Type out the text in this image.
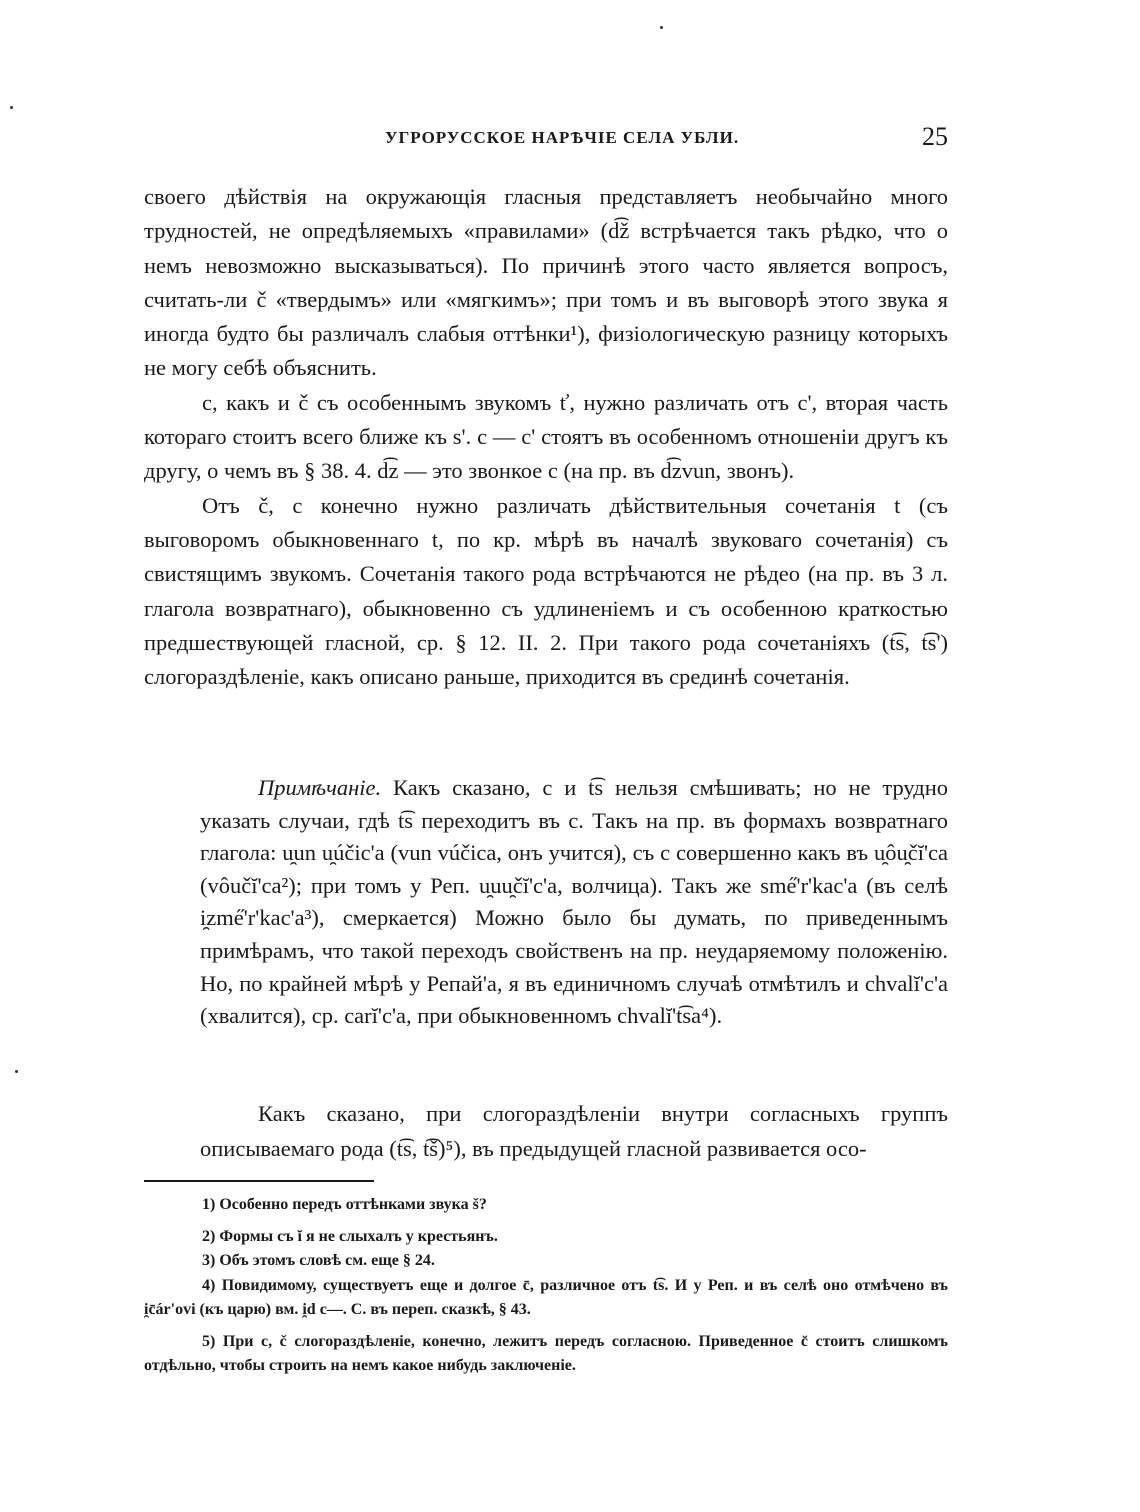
УГРОРУССКОЕ НАРѢЧІЕ СЕЛА УБЛИ.	25

своего дѣйствія на окружающія гласныя представляетъ необычайно много трудностей, не опредѣляемыхъ «правилами» (d͡ž встрѣчается такъ рѣдко, что о немъ невозможно высказываться). По причинѣ этого часто является вопросъ, считать-ли č «твердымъ» или «мягкимъ»; при томъ и въ выговорѣ этого звука я иногда будто бы различалъ слабыя оттѣнки¹), физіологическую разницу которыхъ не могу себѣ объяснить.

c, какъ и č съ особеннымъ звукомъ ť, нужно различать отъ c', вторая часть котораго стоитъ всего ближе къ s'. c — c' стоятъ въ особенномъ отношеніи другъ къ другу, о чемъ въ § 38. 4. d͡z — это звонкое c (на пр. въ d͡zvun, звонъ).

Отъ č, c конечно нужно различать дѣйствительныя сочетанія t (съ выговоромъ обыкновеннаго t, по кр. мѣрѣ въ началѣ звуковаго сочетанія) съ свистящимъ звукомъ. Сочетанія такого рода встрѣчаются не рѣдео (на пр. въ 3 л. глагола возвратнаго), обыкновенно съ удлиненіемъ и съ особенною краткостью предшествующей гласной, ср. § 12. II. 2. При такого рода сочетаніяхъ (t͡s, t͡s') слогораздѣленіе, какъ описано раньше, приходится въ срединѣ сочетанія.

Примѣчаніе. Какъ сказано, c и t͡s нельзя смѣшивать; но не трудно указать случаи, гдѣ t͡s переходитъ въ c. Такъ на пр. въ формахъ возвратнаго глагола: u̯un u̯účic'a (vun vúčica, онъ учится), съ c совершенно какъ въ u̯ôu̯čĭ'ca (vôučĭ'ca²); при томъ у Реп. u̯uu̯čĭ'c'a, волчица). Такъ же sme̋'r'kac'a (въ селѣ i̯zme̋'r'kac'a³), смеркается) Можно было бы думать, по приведеннымъ примѣрамъ, что такой переходъ свойственъ на пр. неударяемому положенію. Но, по крайней мѣрѣ у Репай'а, я въ единичномъ случаѣ отмѣтилъ и chvalĭ'c'a (хвалится), ср. carĭ'c'a, при обыкновенномъ chvalĭ't͡sa⁴).

Какъ сказано, при слогораздѣленіи внутри согласныхъ группъ описываемаго рода (t͡s, t͡š)⁵), въ предыдущей гласной развивается осо-

1) Особенно передъ оттѣнками звука š?

2) Формы съ ĭ я не слыхалъ у крестьянъ.

3) Объ этомъ словѣ см. еще § 24.

4) Повидимому, существуетъ еще и долгое c̄, различное отъ t͡s. И у Реп. и въ селѣ оно отмѣчено въ i̯c̄ár'ovi (къ царю) вм. i̯d c—. С. въ переп. сказкѣ, § 43.

5) При c, č слогораздѣленіе, конечно, лежитъ передъ согласною. Приведенное c̆ стоитъ слишкомъ отдѣльно, чтобы строить на немъ какое нибудь заключеніе.
